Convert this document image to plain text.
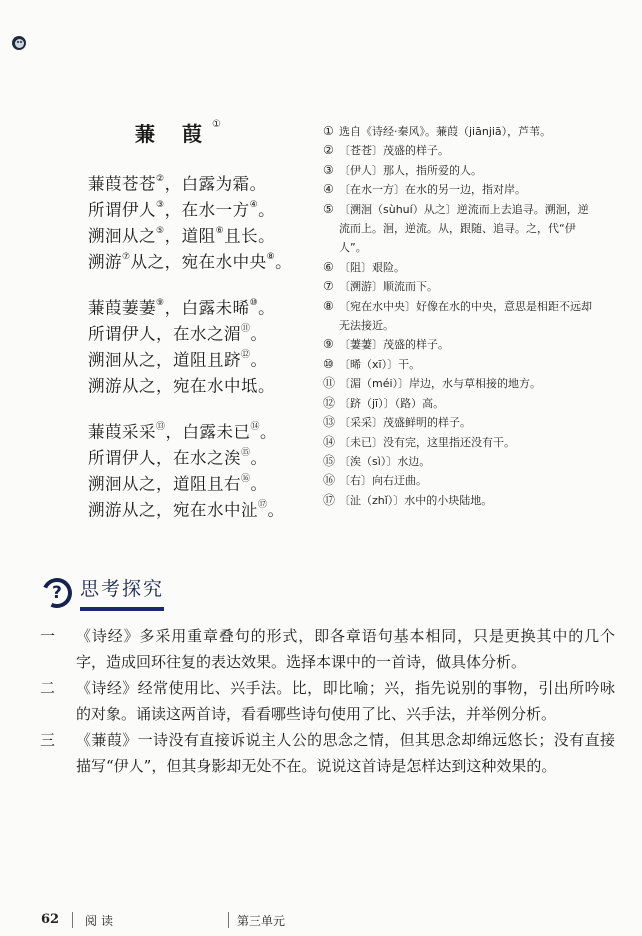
蒹 葭①
蒹葭苍苍②，白露为霜。
所谓伊人③，在水一方④。
溯洄从之⑤，道阻⑥且长。
溯游⑦从之，宛在水中央⑧。
蒹葭萋萋⑨，白露未晞⑩。
所谓伊人，在水之湄⑪。
溯洄从之，道阻且跻⑫。
溯游从之，宛在水中坻。
蒹葭采采⑬，白露未已⑭。
所谓伊人，在水之涘⑮。
溯洄从之，道阻且右⑯。
溯游从之，宛在水中沚⑰。
① 选自《诗经·秦风》。蒹葭（jiānjiā），芦苇。
② 〔苍苍〕茂盛的样子。
③ 〔伊人〕那人，指所爱的人。
④ 〔在水一方〕在水的另一边，指对岸。
⑤ 〔溯洄（sùhuí）从之〕逆流而上去追寻。溯洄，逆流而上。洄，逆流。从，跟随、追寻。之，代“伊人”。
⑥ 〔阻〕艰险。
⑦ 〔溯游〕顺流而下。
⑧ 〔宛在水中央〕好像在水的中央，意思是相距不远却无法接近。
⑨ 〔萋萋〕茂盛的样子。
⑩ 〔晞（xī）〕干。
⑪ 〔湄（méi）〕岸边，水与草相接的地方。
⑫ 〔跻（jī）〕（路）高。
⑬ 〔采采〕茂盛鲜明的样子。
⑭ 〔未已〕没有完，这里指还没有干。
⑮ 〔涘（sì）〕水边。
⑯ 〔右〕向右迂曲。
⑰ 〔沚（zhǐ）〕水中的小块陆地。
? 思考探究
一	《诗经》多采用重章叠句的形式，即各章语句基本相同，只是更换其中的几个字，造成回环往复的表达效果。选择本课中的一首诗，做具体分析。
二	《诗经》经常使用比、兴手法。比，即比喻；兴，指先说别的事物，引出所吟咏的对象。诵读这两首诗，看看哪些诗句使用了比、兴手法，并举例分析。
三	《蒹葭》一诗没有直接诉说主人公的思念之情，但其思念却绵远悠长；没有直接描写“伊人”，但其身影却无处不在。说说这首诗是怎样达到这种效果的。
62 阅读	第三单元
